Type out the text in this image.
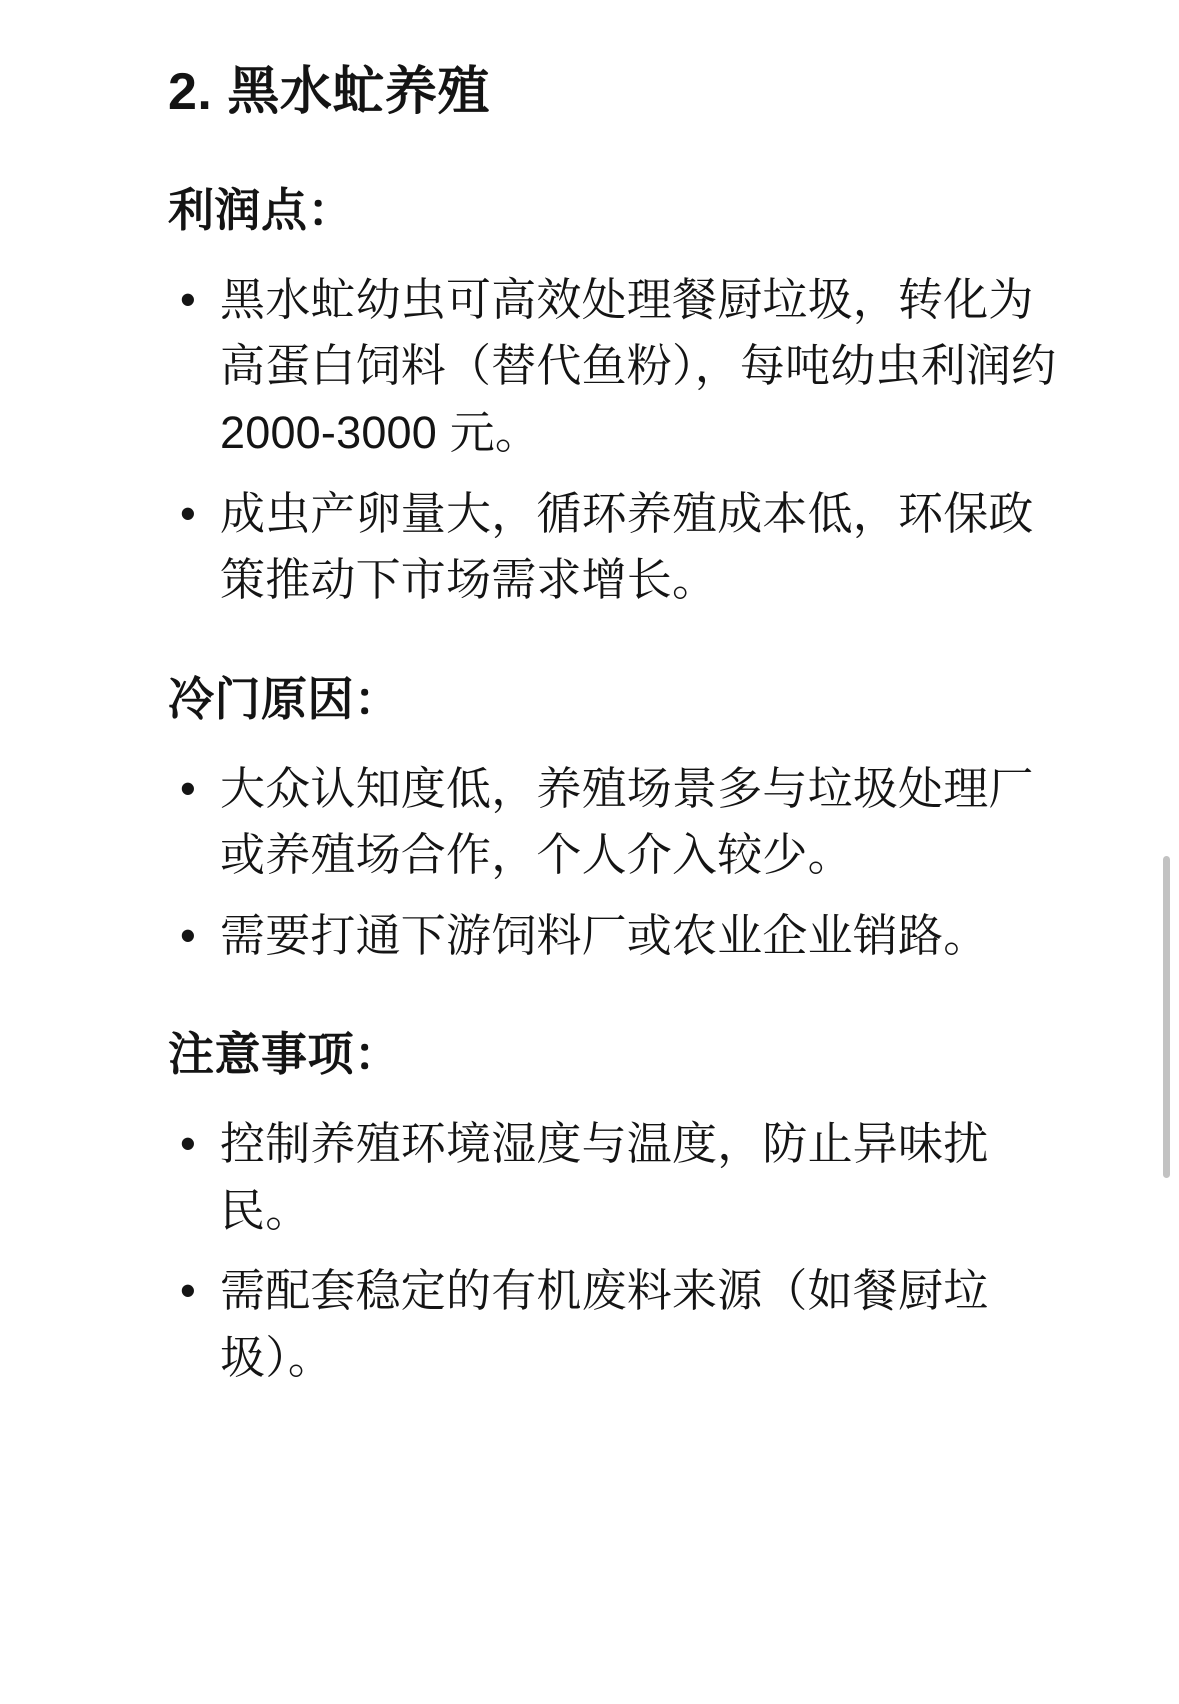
2. 黑水虻养殖
利润点：
• 黑水虻幼虫可高效处理餐厨垃圾，转化为高蛋白饲料（替代鱼粉），每吨幼虫利润约 2000-3000 元。
• 成虫产卵量大，循环养殖成本低，环保政策推动下市场需求增长。
冷门原因：
• 大众认知度低，养殖场景多与垃圾处理厂或养殖场合作，个人介入较少。
• 需要打通下游饲料厂或农业企业销路。
注意事项：
• 控制养殖环境湿度与温度，防止异味扰民。
• 需配套稳定的有机废料来源（如餐厨垃圾）。
